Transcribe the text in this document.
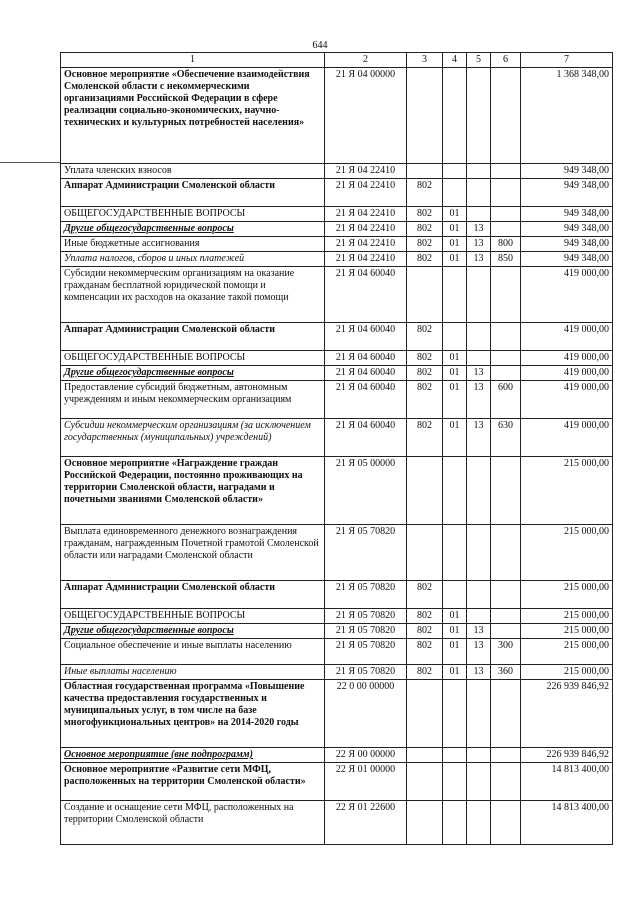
644
1	2	3	4	5	6	7
Основное мероприятие «Обеспечение взаимодействия Смоленской области с некоммерческими организациями Российской Федерации в сфере реализации социально-экономических, научно-технических и культурных потребностей населения»	21 Я 04 00000					1 368 348,00
Уплата членских взносов	21 Я 04 22410					949 348,00
Аппарат Администрации Смоленской области	21 Я 04 22410	802				949 348,00
ОБЩЕГОСУДАРСТВЕННЫЕ ВОПРОСЫ	21 Я 04 22410	802	01			949 348,00
Другие общегосударственные вопросы	21 Я 04 22410	802	01	13		949 348,00
Иные бюджетные ассигнования	21 Я 04 22410	802	01	13	800	949 348,00
Уплата налогов, сборов и иных платежей	21 Я 04 22410	802	01	13	850	949 348,00
Субсидии некоммерческим организациям на оказание гражданам бесплатной юридической помощи и компенсации их расходов на оказание такой помощи	21 Я 04 60040					419 000,00
Аппарат Администрации Смоленской области	21 Я 04 60040	802				419 000,00
ОБЩЕГОСУДАРСТВЕННЫЕ ВОПРОСЫ	21 Я 04 60040	802	01			419 000,00
Другие общегосударственные вопросы	21 Я 04 60040	802	01	13		419 000,00
Предоставление субсидий бюджетным, автономным учреждениям и иным некоммерческим организациям	21 Я 04 60040	802	01	13	600	419 000,00
Субсидии некоммерческим организациям (за исключением государственных (муниципальных) учреждений)	21 Я 04 60040	802	01	13	630	419 000,00
Основное мероприятие «Награждение граждан Российской Федерации, постоянно проживающих на территории Смоленской области, наградами и почетными званиями Смоленской области»	21 Я 05 00000					215 000,00
Выплата единовременного денежного вознаграждения гражданам, награжденным Почетной грамотой Смоленской области или наградами Смоленской области	21 Я 05 70820					215 000,00
Аппарат Администрации Смоленской области	21 Я 05 70820	802				215 000,00
ОБЩЕГОСУДАРСТВЕННЫЕ ВОПРОСЫ	21 Я 05 70820	802	01			215 000,00
Другие общегосударственные вопросы	21 Я 05 70820	802	01	13		215 000,00
Социальное обеспечение и иные выплаты населению	21 Я 05 70820	802	01	13	300	215 000,00
Иные выплаты населению	21 Я 05 70820	802	01	13	360	215 000,00
Областная государственная программа «Повышение качества предоставления государственных и муниципальных услуг, в том числе на базе многофункциональных центров» на 2014-2020 годы	22 0 00 00000					226 939 846,92
Основное мероприятие (вне подпрограмм)	22 Я 00 00000					226 939 846,92
Основное мероприятие «Развитие сети МФЦ, расположенных на территории Смоленской области»	22 Я 01 00000					14 813 400,00
Создание и оснащение сети МФЦ, расположенных на территории Смоленской области	22 Я 01 22600					14 813 400,00
